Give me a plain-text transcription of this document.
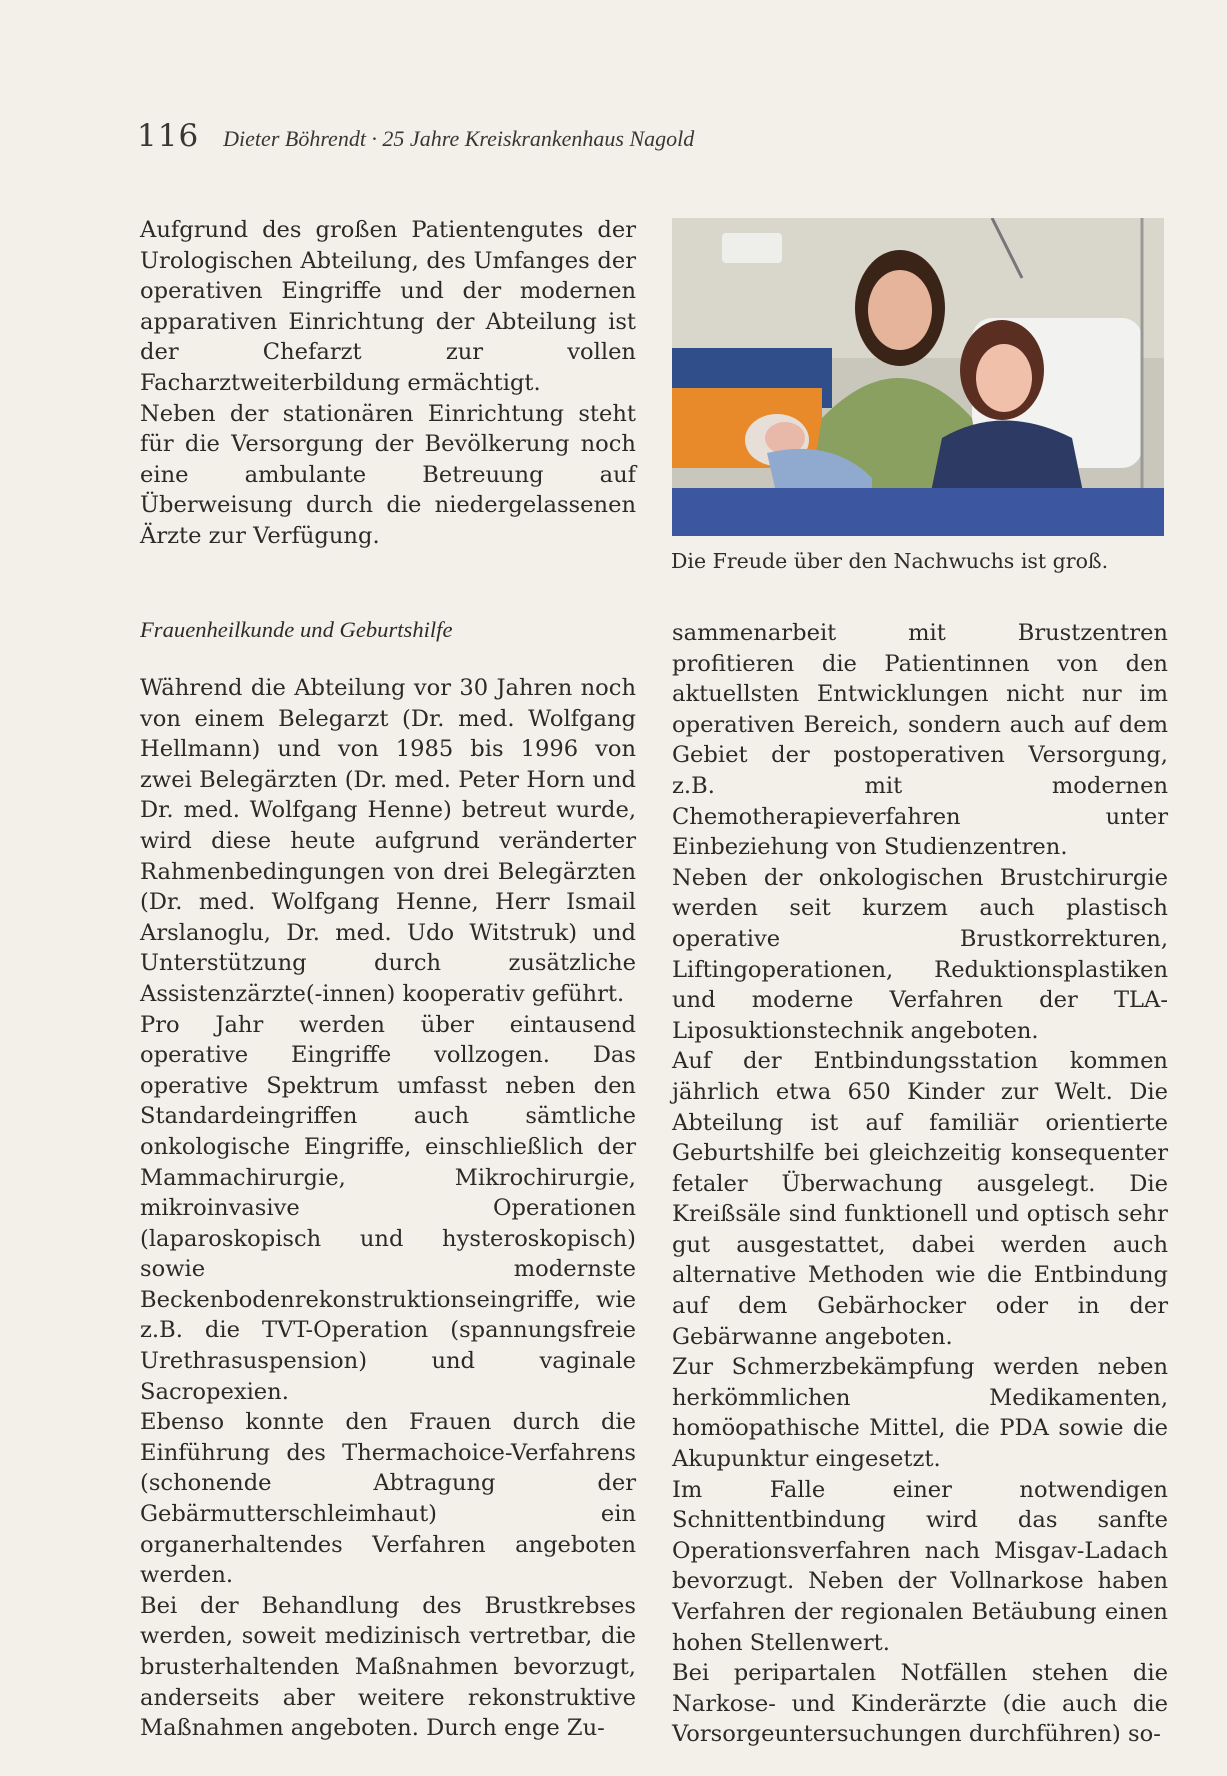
116 Dieter Böhrendt · 25 Jahre Kreiskrankenhaus Nagold

Aufgrund des großen Patientengutes der Urologischen Abteilung, des Umfanges der operativen Eingriffe und der modernen apparativen Einrichtung der Abteilung ist der Chefarzt zur vollen Facharztweiterbildung ermächtigt.

Neben der stationären Einrichtung steht für die Versorgung der Bevölkerung noch eine ambulante Betreuung auf Überweisung durch die niedergelassenen Ärzte zur Verfügung.

Die Freude über den Nachwuchs ist groß.
Frauenheilkunde und Geburtshilfe

Während die Abteilung vor 30 Jahren noch von einem Belegarzt (Dr. med. Wolfgang Hellmann) und von 1985 bis 1996 von zwei Belegärzten (Dr. med. Peter Horn und Dr. med. Wolfgang Henne) betreut wurde, wird diese heute aufgrund veränderter Rahmenbedingungen von drei Belegärzten (Dr. med. Wolfgang Henne, Herr Ismail Arslanoglu, Dr. med. Udo Witstruk) und Unterstützung durch zusätzliche Assistenzärzte(-innen) kooperativ geführt.

Pro Jahr werden über eintausend operative Eingriffe vollzogen. Das operative Spektrum umfasst neben den Standardeingriffen auch sämtliche onkologische Eingriffe, einschließlich der Mammachirurgie, Mikrochirurgie, mikroinvasive Operationen (laparoskopisch und hysteroskopisch) sowie modernste Beckenbodenrekonstruktionseingriffe, wie z.B. die TVT-Operation (spannungsfreie Urethrasuspension) und vaginale Sacropexien.

Ebenso konnte den Frauen durch die Einführung des Thermachoice-Verfahrens (schonende Abtragung der Gebärmutterschleimhaut) ein organerhaltendes Verfahren angeboten werden.

Bei der Behandlung des Brustkrebses werden, soweit medizinisch vertretbar, die brusterhaltenden Maßnahmen bevorzugt, anderseits aber weitere rekonstruktive Maßnahmen angeboten. Durch enge Zu-

sammenarbeit mit Brustzentren profitieren die Patientinnen von den aktuellsten Entwicklungen nicht nur im operativen Bereich, sondern auch auf dem Gebiet der postoperativen Versorgung, z.B. mit modernen Chemotherapieverfahren unter Einbeziehung von Studienzentren.

Neben der onkologischen Brustchirurgie werden seit kurzem auch plastisch operative Brustkorrekturen, Liftingoperationen, Reduktionsplastiken und moderne Verfahren der TLA- Liposuktionstechnik angeboten.

Auf der Entbindungsstation kommen jährlich etwa 650 Kinder zur Welt. Die Abteilung ist auf familiär orientierte Geburtshilfe bei gleichzeitig konsequenter fetaler Überwachung ausgelegt. Die Kreißsäle sind funktionell und optisch sehr gut ausgestattet, dabei werden auch alternative Methoden wie die Entbindung auf dem Gebärhocker oder in der Gebärwanne angeboten.

Zur Schmerzbekämpfung werden neben herkömmlichen Medikamenten, homöopathische Mittel, die PDA sowie die Akupunktur eingesetzt.

Im Falle einer notwendigen Schnittentbindung wird das sanfte Operationsverfahren nach Misgav-Ladach bevorzugt. Neben der Vollnarkose haben Verfahren der regionalen Betäubung einen hohen Stellenwert.

Bei peripartalen Notfällen stehen die Narkose- und Kinderärzte (die auch die Vorsorgeuntersuchungen durchführen) so-
